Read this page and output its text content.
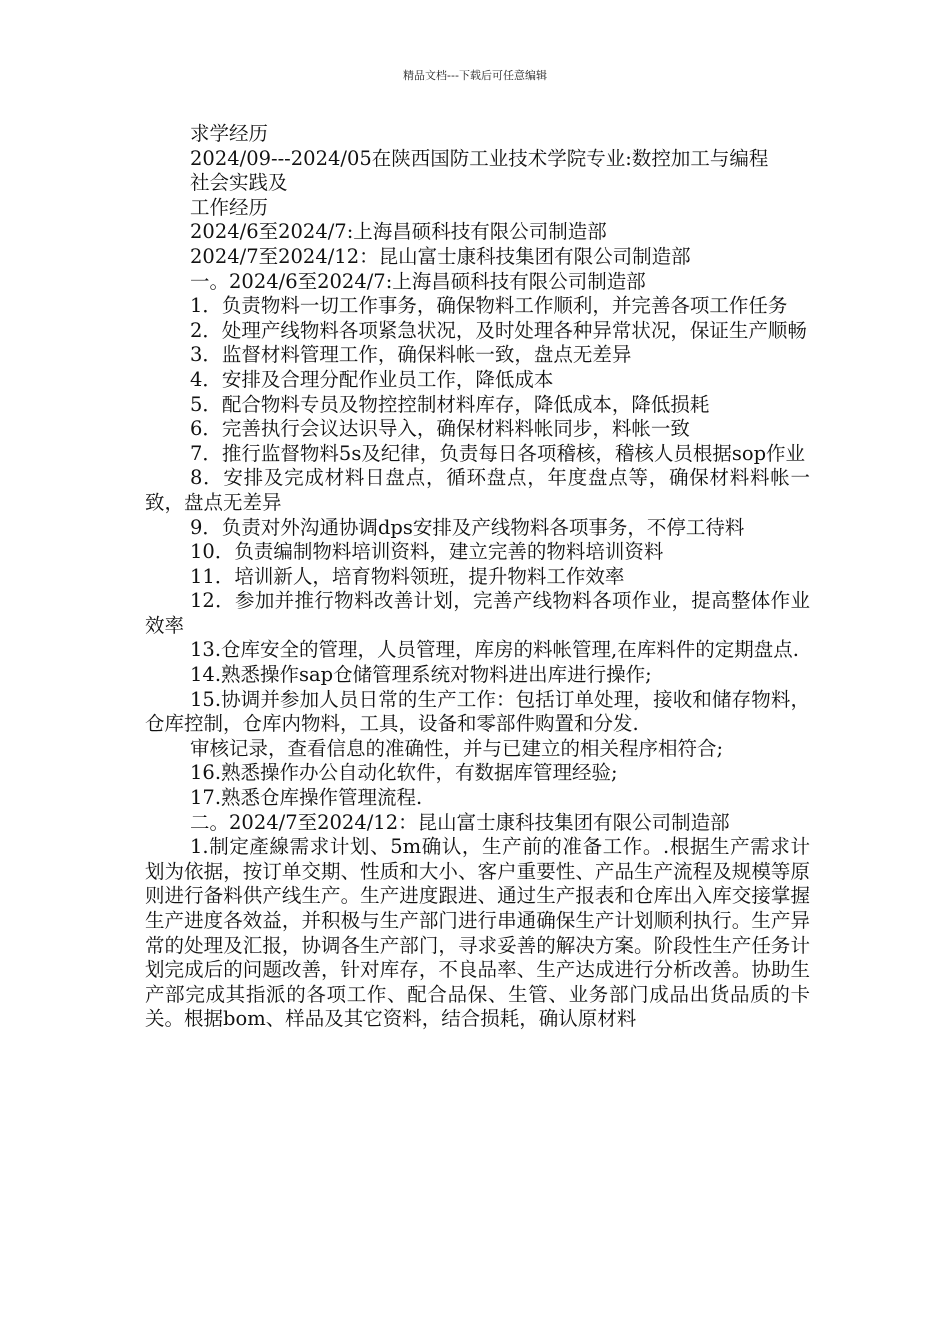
精品文档---下载后可任意编辑

求学经历

2024/09---2024/05在陕西国防工业技术学院专业:数控加工与编程

社会实践及

工作经历

2024/6至2024/7:上海昌硕科技有限公司制造部

2024/7至2024/12：昆山富士康科技集团有限公司制造部

一。2024/6至2024/7:上海昌硕科技有限公司制造部

1．负责物料一切工作事务，确保物料工作顺利，并完善各项工作任务

2．处理产线物料各项紧急状况，及时处理各种异常状况，保证生产顺畅

3．监督材料管理工作，确保料帐一致，盘点无差异

4．安排及合理分配作业员工作，降低成本

5．配合物料专员及物控控制材料库存，降低成本，降低损耗

6．完善执行会议达识导入，确保材料料帐同步，料帐一致

7．推行监督物料5s及纪律，负责每日各项稽核，稽核人员根据sop作业

8．安排及完成材料日盘点，循环盘点，年度盘点等，确保材料料帐一致，盘点无差异

9．负责对外沟通协调dps安排及产线物料各项事务，不停工待料

10．负责编制物料培训资料，建立完善的物料培训资料

11．培训新人，培育物料领班，提升物料工作效率

12．参加并推行物料改善计划，完善产线物料各项作业，提高整体作业效率

13.仓库安全的管理，人员管理，库房的料帐管理,在库料件的定期盘点.

14.熟悉操作sap仓储管理系统对物料进出库进行操作;

15.协调并参加人员日常的生产工作：包括订单处理，接收和储存物料，仓库控制，仓库内物料，工具，设备和零部件购置和分发.

审核记录，查看信息的准确性，并与已建立的相关程序相符合;

16.熟悉操作办公自动化软件，有数据库管理经验;

17.熟悉仓库操作管理流程.

二。2024/7至2024/12：昆山富士康科技集团有限公司制造部

1.制定產線需求计划、5m确认，生产前的准备工作。.根据生产需求计划为依据，按订单交期、性质和大小、客户重要性、产品生产流程及规模等原则进行备料供产线生产。生产进度跟进、通过生产报表和仓库出入库交接掌握生产进度各效益，并积极与生产部门进行串通确保生产计划顺利执行。生产异常的处理及汇报，协调各生产部门，寻求妥善的解决方案。阶段性生产任务计划完成后的问题改善，针对库存，不良品率、生产达成进行分析改善。协助生产部完成其指派的各项工作、配合品保、生管、业务部门成品出货品质的卡关。根据bom、样品及其它资料，结合损耗，确认原材料
